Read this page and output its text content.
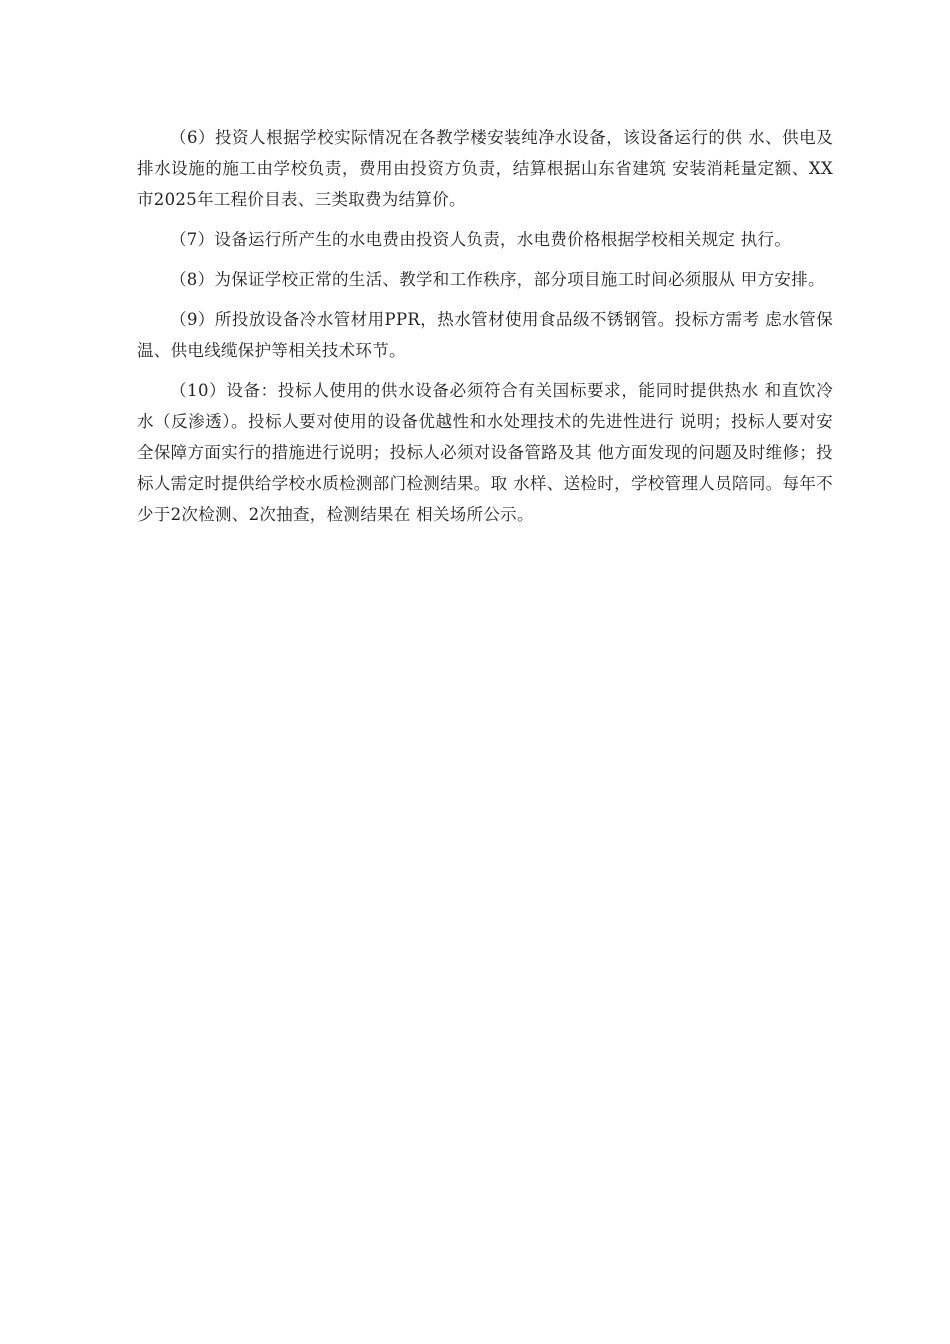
（6）投资人根据学校实际情况在各教学楼安装纯净水设备，该设备运行的供 水、供电及排水设施的施工由学校负责，费用由投资方负责，结算根据山东省建筑 安装消耗量定额、XX市2025年工程价目表、三类取费为结算价。

（7）设备运行所产生的水电费由投资人负责，水电费价格根据学校相关规定 执行。

（8）为保证学校正常的生活、教学和工作秩序，部分项目施工时间必须服从 甲方安排。

（9）所投放设备冷水管材用PPR，热水管材使用食品级不锈钢管。投标方需考 虑水管保温、供电线缆保护等相关技术环节。

（10）设备：投标人使用的供水设备必须符合有关国标要求，能同时提供热水 和直饮冷水（反渗透）。投标人要对使用的设备优越性和水处理技术的先进性进行 说明；投标人要对安全保障方面实行的措施进行说明；投标人必须对设备管路及其 他方面发现的问题及时维修；投标人需定时提供给学校水质检测部门检测结果。取 水样、送检时，学校管理人员陪同。每年不少于2次检测、2次抽查，检测结果在 相关场所公示。
